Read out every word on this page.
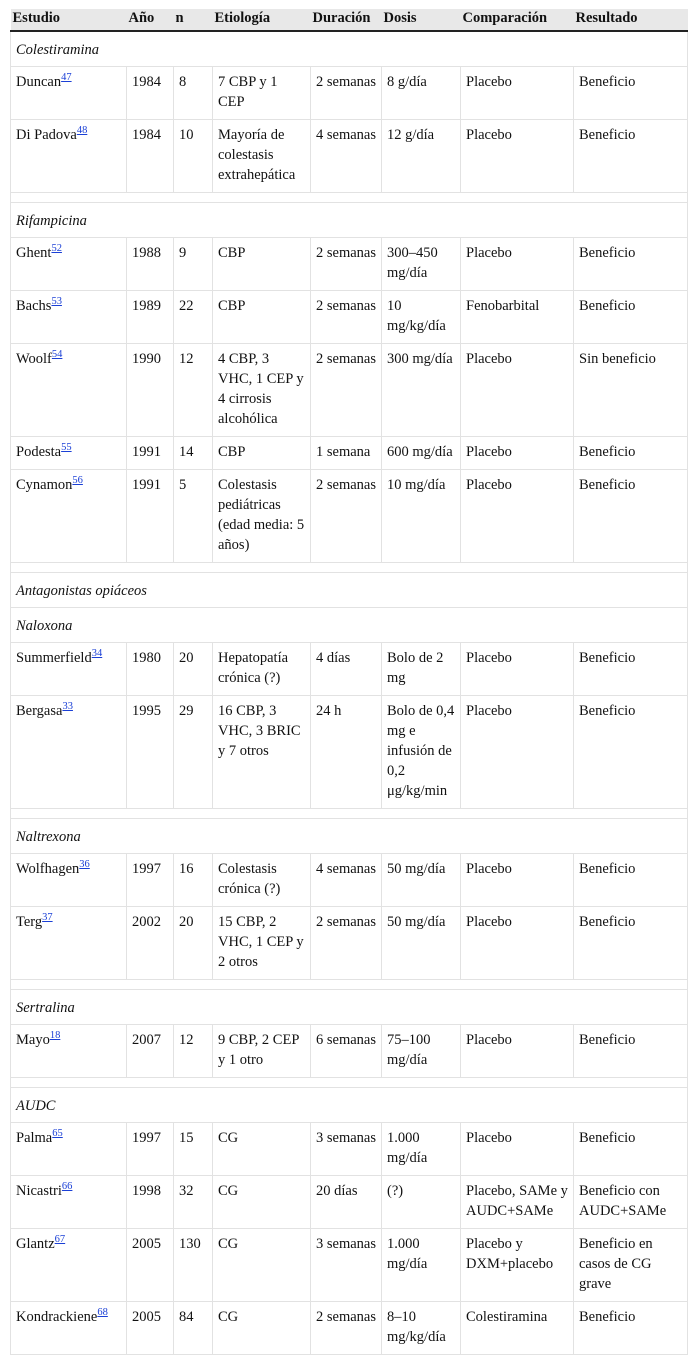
Estudio	Año	n	Etiología	Duración	Dosis	Comparación	Resultado
Colestiramina							
Duncan$^{47}$	1984	8	7 CBP y 1 CEP	2 semanas	8 g/día	Placebo	Beneficio
Di Padova$^{48}$	1984	10	Mayoría de colestasis extrahepática	4 semanas	12 g/día	Placebo	Beneficio

Rifampicina							
Ghent$^{52}$	1988	9	CBP	2 semanas	300–450 mg/día	Placebo	Beneficio
Bachs$^{53}$	1989	22	CBP	2 semanas	10 mg/kg/día	Fenobarbital	Beneficio
Woolf$^{54}$	1990	12	4 CBP, 3 VHC, 1 CEP y 4 cirrosis alcohólica	2 semanas	300 mg/día	Placebo	Sin beneficio
Podesta$^{55}$	1991	14	CBP	1 semana	600 mg/día	Placebo	Beneficio
Cynamon$^{56}$	1991	5	Colestasis pediátricas (edad media: 5 años)	2 semanas	10 mg/día	Placebo	Beneficio

Antagonistas opiáceos							
Naloxona							
Summerfield$^{34}$	1980	20	Hepatopatía crónica (?)	4 días	Bolo de 2 mg	Placebo	Beneficio
Bergasa$^{33}$	1995	29	16 CBP, 3 VHC, 3 BRIC y 7 otros	24 h	Bolo de 0,4 mg e infusión de 0,2 μg/kg/min	Placebo	Beneficio

Naltrexona							
Wolfhagen$^{36}$	1997	16	Colestasis crónica (?)	4 semanas	50 mg/día	Placebo	Beneficio
Terg$^{37}$	2002	20	15 CBP, 2 VHC, 1 CEP y 2 otros	2 semanas	50 mg/día	Placebo	Beneficio

Sertralina							
Mayo$^{18}$	2007	12	9 CBP, 2 CEP y 1 otro	6 semanas	75–100 mg/día	Placebo	Beneficio

AUDC							
Palma$^{65}$	1997	15	CG	3 semanas	1.000 mg/día	Placebo	Beneficio
Nicastri$^{66}$	1998	32	CG	20 días	(?)	Placebo, SAMe y AUDC+SAMe	Beneficio con AUDC+SAMe
Glantz$^{67}$	2005	130	CG	3 semanas	1.000 mg/día	Placebo y DXM+placebo	Beneficio en casos de CG grave
Kondrackiene$^{68}$	2005	84	CG	2 semanas	8–10 mg/kg/día	Colestiramina	Beneficio
